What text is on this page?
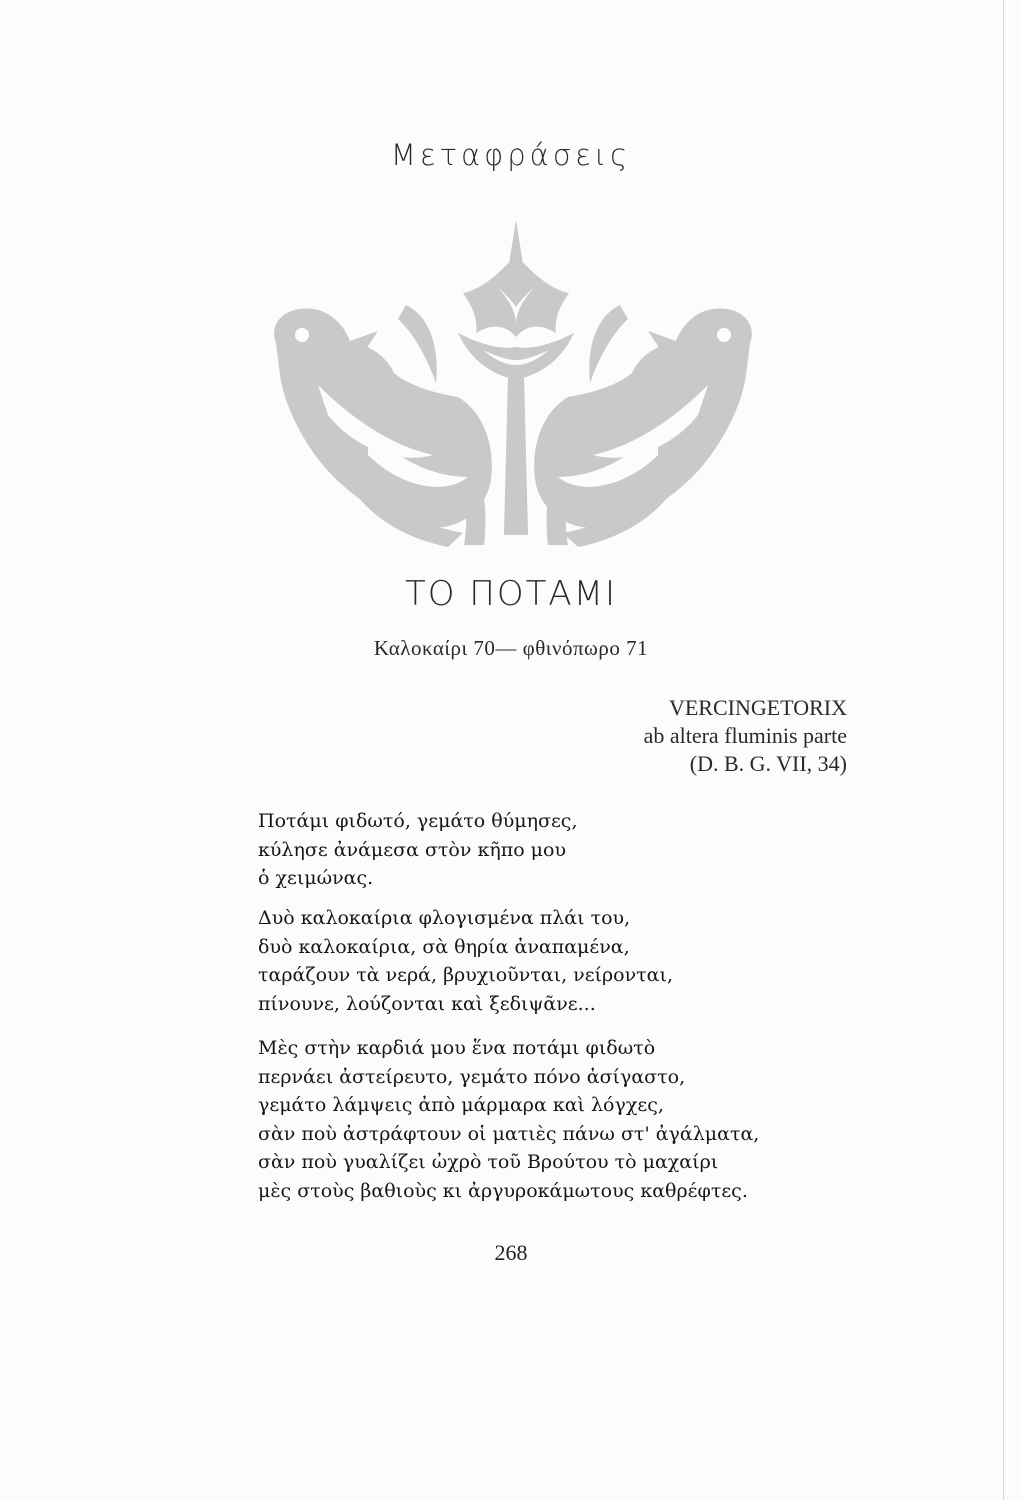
Μεταφράσεις
ΤΟ ΠΟΤΑΜΙ
Καλοκαίρι 70— φθινόπωρο 71
VERCINGETORIX
ab altera fluminis parte
(D. B. G. VII, 34)
Ποτάμι φιδωτό, γεμάτο θύμησες,
κύλησε ἀνάμεσα στὸν κῆπο μου
ὁ χειμώνας.
Δυὸ καλοκαίρια φλογισμένα πλάι του,
δυὸ καλοκαίρια, σὰ θηρία ἀναπαμένα,
ταράζουν τὰ νερά, βρυχιοῦνται, νείρονται,
πίνουνε, λούζονται καὶ ξεδιψᾶνε...
Μὲς στὴν καρδιά μου ἕνα ποτάμι φιδωτὸ
περνάει ἀστείρευτο, γεμάτο πόνο ἀσίγαστο,
γεμάτο λάμψεις ἀπὸ μάρμαρα καὶ λόγχες,
σὰν ποὺ ἀστράφτουν οἱ ματιὲς πάνω στ' ἀγάλματα,
σὰν ποὺ γυαλίζει ὠχρὸ τοῦ Βρούτου τὸ μαχαίρι
μὲς στοὺς βαθιοὺς κι ἀργυροκάμωτους καθρέφτες.
268
